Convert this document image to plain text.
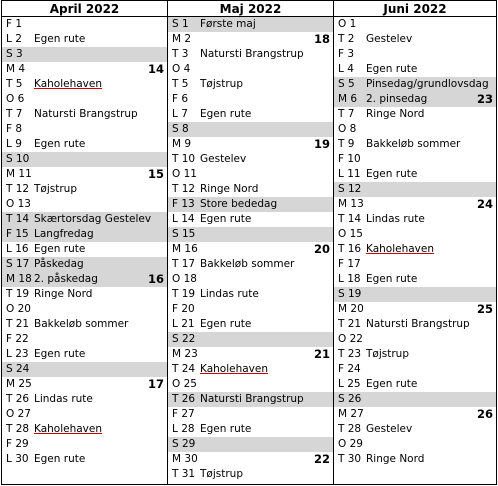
April 2022
F 1
L 2 Egen rute
S 3
M 4	14
T 5 Kaholehaven
O 6
T 7 Natursti Brangstrup
F 8
L 9 Egen rute
S 10
M 11	15
T 12 Tøjstrup
O 13
T 14 Skærtorsdag Gestelev
F 15 Langfredag
L 16 Egen rute
S 17 Påskedag
M 18 2. påskedag	16
T 19 Ringe Nord
O 20
T 21 Bakkeløb sommer
F 22
L 23 Egen rute
S 24
M 25	17
T 26 Lindas rute
O 27
T 28 Kaholehaven
F 29
L 30 Egen rute
Maj 2022
S 1 Første maj
M 2	18
T 3 Natursti Brangstrup
O 4
T 5 Tøjstrup
F 6
L 7 Egen rute
S 8
M 9	19
T 10 Gestelev
O 11
T 12 Ringe Nord
F 13 Store bededag
L 14 Egen rute
S 15
M 16	20
T 17 Bakkeløb sommer
O 18
T 19 Lindas rute
F 20
L 21 Egen rute
S 22
M 23	21
T 24 Kaholehaven
O 25
T 26 Natursti Brangstrup
F 27
L 28 Egen rute
S 29
M 30	22
T 31 Tøjstrup
Juni 2022
O 1
T 2 Gestelev
F 3
L 4 Egen rute
S 5 Pinsedag/grundlovsdag
M 6 2. pinsedag	23
T 7 Ringe Nord
O 8
T 9 Bakkeløb sommer
F 10
L 11 Egen rute
S 12
M 13	24
T 14 Lindas rute
O 15
T 16 Kaholehaven
F 17
L 18 Egen rute
S 19
M 20	25
T 21 Natursti Brangstrup
O 22
T 23 Tøjstrup
F 24
L 25 Egen rute
S 26
M 27	26
T 28 Gestelev
O 29
T 30 Ringe Nord
